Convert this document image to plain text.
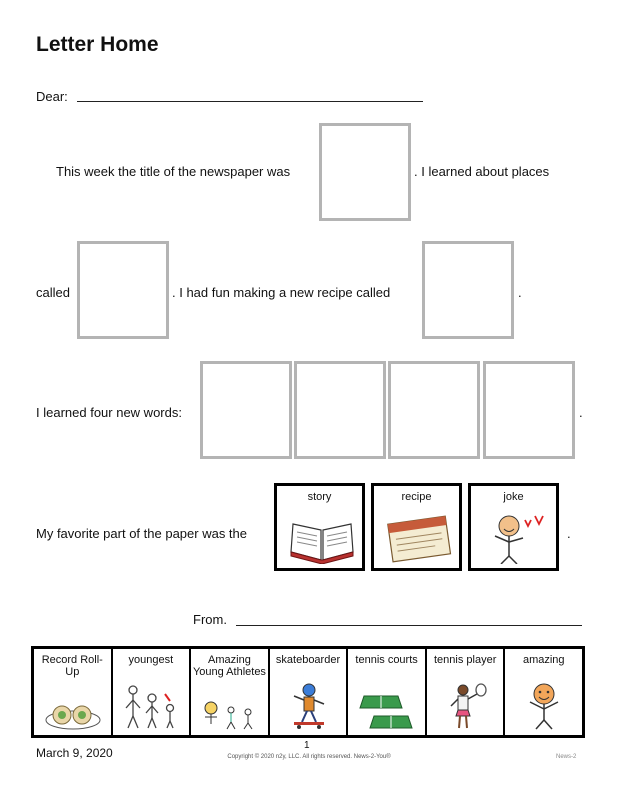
Letter Home
Dear:
This week the title of the newspaper was	. I learned about places
called	. I had fun making a new recipe called	.
I learned four new words:	.
My favorite part of the paper was the
story	recipe	joke
.
From.
Record Roll-Up
youngest	Amazing Young Athletes
skateboarder	tennis courts	tennis player	amazing
March 9, 2020
1
Copyright © 2020 n2y, LLC. All rights reserved. News-2-You®	News-2
